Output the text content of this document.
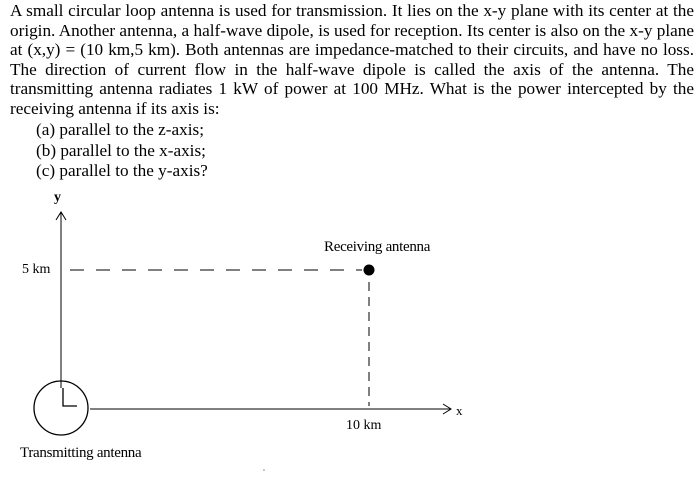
A small circular loop antenna is used for transmission. It lies on the x-y plane with its center at the origin. Another antenna, a half-wave dipole, is used for reception. Its center is also on the x-y plane at (x,y) = (10 km,5 km). Both antennas are impedance-matched to their circuits, and have no loss. The direction of current flow in the half-wave dipole is called the axis of the antenna. The transmitting antenna radiates 1 kW of power at 100 MHz. What is the power intercepted by the receiving antenna if its axis is:

(a) parallel to the z-axis;
(b) parallel to the x-axis;
(c) parallel to the y-axis?
y
5 km
Receiving antenna
10 km
x
Transmitting antenna
